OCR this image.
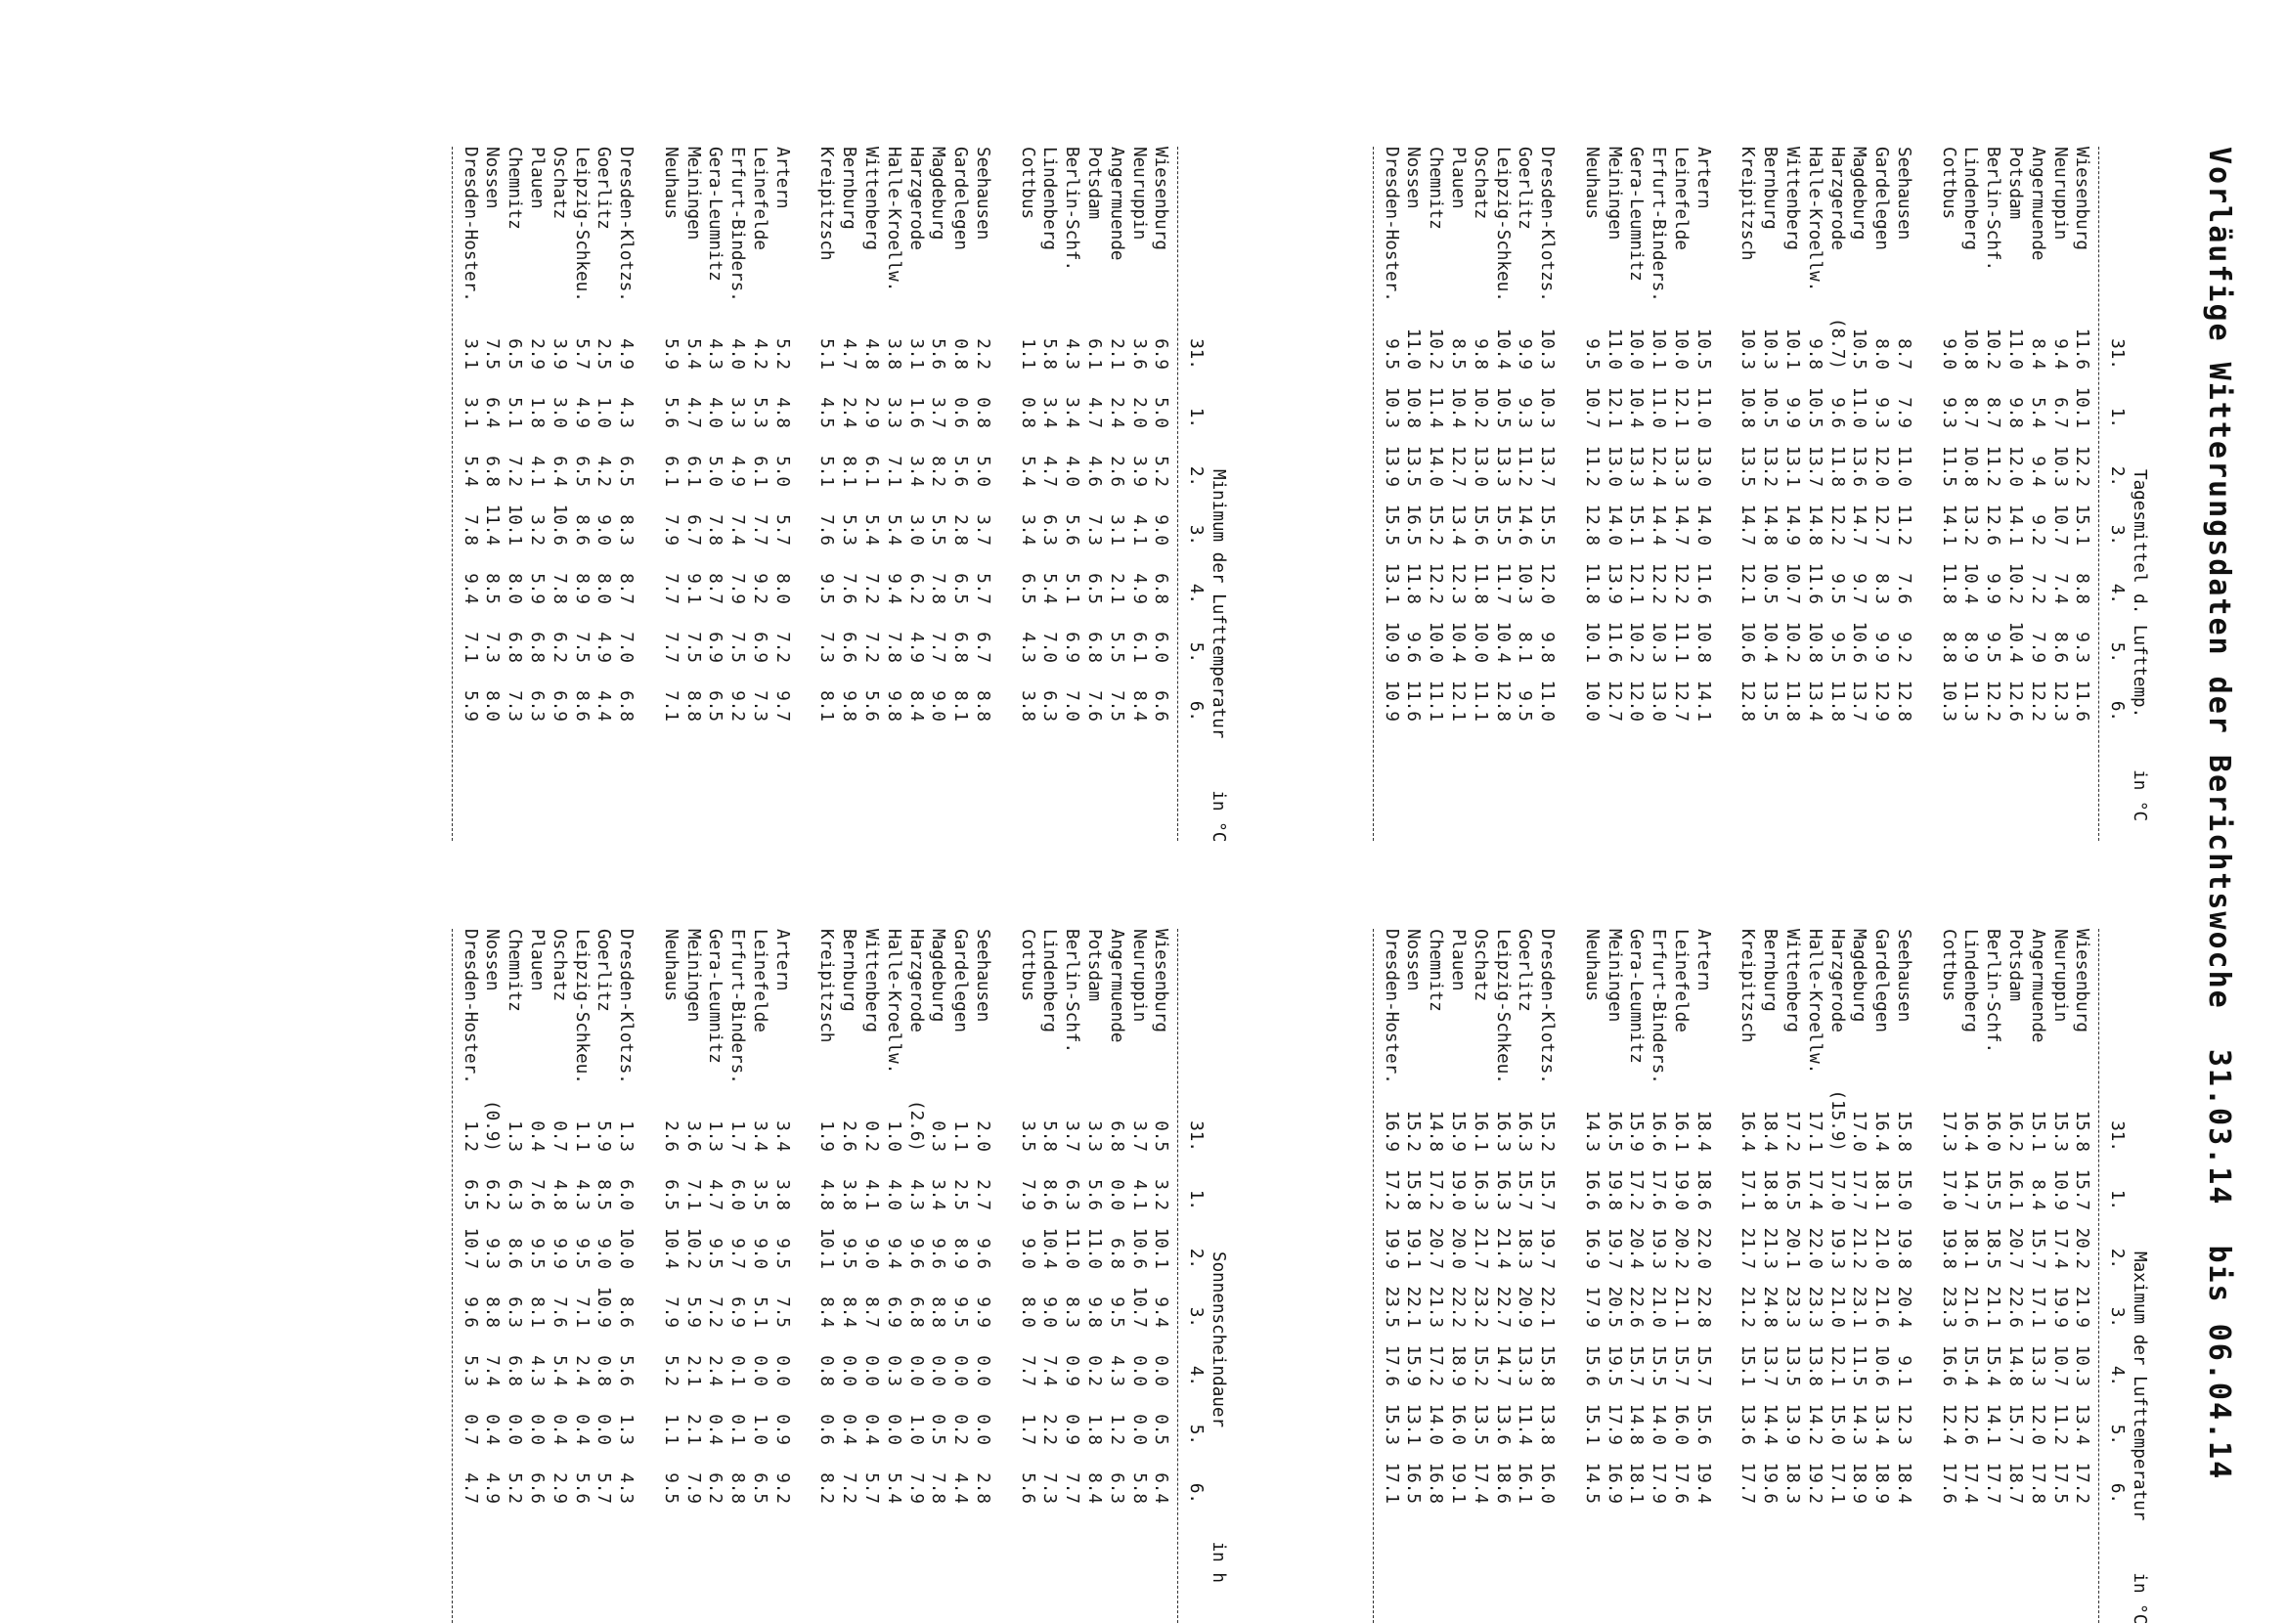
Vorläufige Witterungsdaten der Berichtswoche  31.03.14  bis 06.04.14
Tagesmittel d. Lufttemp.     in °C
31.
1.
2.
3.
4.
5.
6.
Wiesenburg
11.6
10.1
12.2
15.1
8.8
9.3
11.6
Neuruppin
9.4
6.7
10.3
10.7
7.4
8.6
12.3
Angermuende
8.4
5.4
9.4
9.2
7.2
7.9
12.2
Potsdam
11.0
9.8
12.0
14.1
10.2
10.4
12.6
Berlin-Schf.
10.2
8.7
11.2
12.6
9.9
9.5
12.2
Lindenberg
10.8
8.7
10.8
13.2
10.4
8.9
11.3
Cottbus
9.0
9.3
11.5
14.1
11.8
8.8
10.3
Seehausen
8.7
7.9
11.0
11.2
7.6
9.2
12.8
Gardelegen
8.0
9.3
12.0
12.7
8.3
9.9
12.9
Magdeburg
10.5
11.0
13.6
14.7
9.7
10.6
13.7
Harzgerode
(8.7)
9.6
11.8
12.2
9.5
9.5
11.8
Halle-Kroellw.
9.8
10.5
13.7
14.8
11.6
10.8
13.4
Wittenberg
10.1
9.9
13.1
14.9
10.7
10.2
11.8
Bernburg
10.3
10.5
13.2
14.8
10.5
10.4
13.5
Kreipitzsch
10.3
10.8
13.5
14.7
12.1
10.6
12.8
Artern
10.5
11.0
13.0
14.0
11.6
10.8
14.1
Leinefelde
10.0
12.1
13.3
14.7
12.2
11.1
12.7
Erfurt-Binders.
10.1
11.0
12.4
14.4
12.2
10.3
13.0
Gera-Leumnitz
10.0
10.4
13.3
15.1
12.1
10.2
12.0
Meiningen
11.0
12.1
13.0
14.0
13.9
11.6
12.7
Neuhaus
9.5
10.7
11.2
12.8
11.8
10.1
10.0
Dresden-Klotzs.
10.3
10.3
13.7
15.5
12.0
9.8
11.0
Goerlitz
9.9
9.3
11.2
14.6
10.3
8.1
9.5
Leipzig-Schkeu.
10.4
10.5
13.3
15.5
11.7
10.4
12.8
Oschatz
9.8
10.2
13.0
15.6
11.8
10.0
11.1
Plauen
8.5
10.4
12.7
13.4
12.3
10.4
12.1
Chemnitz
10.2
11.4
14.0
15.2
12.2
10.0
11.1
Nossen
11.0
10.8
13.5
16.5
11.8
9.6
11.6
Dresden-Hoster.
9.5
10.3
13.9
15.5
13.1
10.9
10.9
Maximum der Lufttemperatur     in °C
31.
1.
2.
3.
4.
5.
6.
Wiesenburg
15.8
15.7
20.2
21.9
10.3
13.4
17.2
Neuruppin
15.3
10.9
17.4
19.9
10.7
11.2
17.5
Angermuende
15.1
8.4
15.7
17.1
13.3
12.0
17.8
Potsdam
16.2
16.1
20.7
22.6
14.8
15.7
18.7
Berlin-Schf.
16.0
15.5
18.5
21.1
15.4
14.1
17.7
Lindenberg
16.4
14.7
18.1
21.6
15.4
12.6
17.4
Cottbus
17.3
17.0
19.8
23.3
16.6
12.4
17.6
Seehausen
15.8
15.0
19.8
20.4
9.1
12.3
18.4
Gardelegen
16.4
18.1
21.0
21.6
10.6
13.4
18.9
Magdeburg
17.0
17.7
21.2
23.1
11.5
14.3
18.9
Harzgerode
(15.9)
17.0
19.3
21.0
12.1
15.0
17.1
Halle-Kroellw.
17.1
17.4
22.0
23.3
13.8
14.2
19.2
Wittenberg
17.2
16.5
20.1
23.3
13.5
13.9
18.3
Bernburg
18.4
18.8
21.3
24.8
13.7
14.4
19.6
Kreipitzsch
16.4
17.1
21.7
21.2
15.1
13.6
17.7
Artern
18.4
18.6
22.0
22.8
15.7
15.6
19.4
Leinefelde
16.1
19.0
20.2
21.1
15.7
16.0
17.6
Erfurt-Binders.
16.6
17.6
19.3
21.0
15.5
14.0
17.9
Gera-Leumnitz
15.9
17.2
20.4
22.6
15.7
14.8
18.1
Meiningen
16.5
19.8
19.7
20.5
19.5
17.9
16.9
Neuhaus
14.3
16.6
16.9
17.9
15.6
15.1
14.5
Dresden-Klotzs.
15.2
15.7
19.7
22.1
15.8
13.8
16.0
Goerlitz
16.3
15.7
18.3
20.9
13.3
11.4
16.1
Leipzig-Schkeu.
16.3
16.3
21.4
22.7
14.7
13.6
18.6
Oschatz
16.1
16.3
21.7
23.2
15.2
13.5
17.4
Plauen
15.9
19.0
20.0
22.2
18.9
16.0
19.1
Chemnitz
14.8
17.2
20.7
21.3
17.2
14.0
16.8
Nossen
15.2
15.8
19.1
22.1
15.9
13.1
16.5
Dresden-Hoster.
16.9
17.2
19.9
23.5
17.6
15.3
17.1
Minimum der Lufttemperatur     in °C
31.
1.
2.
3.
4.
5.
6.
Wiesenburg
6.9
5.0
5.2
9.0
6.8
6.0
6.6
Neuruppin
3.6
2.0
3.9
4.1
4.9
6.1
8.4
Angermuende
2.1
2.4
2.6
3.1
2.1
5.5
7.5
Potsdam
6.1
4.7
4.6
7.3
6.5
6.8
7.6
Berlin-Schf.
4.3
3.4
4.0
5.6
5.1
6.9
7.0
Lindenberg
5.8
3.4
4.7
6.3
5.4
7.0
6.3
Cottbus
1.1
0.8
5.4
3.4
6.5
4.3
3.8
Seehausen
2.2
0.8
5.0
3.7
5.7
6.7
8.8
Gardelegen
0.8
0.6
5.6
2.8
6.5
6.8
8.1
Magdeburg
5.6
3.7
8.2
5.5
7.8
7.7
9.0
Harzgerode
3.1
1.6
3.4
3.0
6.2
4.9
8.4
Halle-Kroellw.
3.8
3.3
7.1
5.4
9.4
7.8
9.8
Wittenberg
4.8
2.9
6.1
5.4
7.2
7.2
5.6
Bernburg
4.7
2.4
8.1
5.3
7.6
6.6
9.8
Kreipitzsch
5.1
4.5
5.1
7.6
9.5
7.3
8.1
Artern
5.2
4.8
5.0
5.7
8.0
7.2
9.7
Leinefelde
4.2
5.3
6.1
7.7
9.2
6.9
7.3
Erfurt-Binders.
4.0
3.3
4.9
7.4
7.9
7.5
9.2
Gera-Leumnitz
4.3
4.0
5.0
7.8
8.7
6.9
6.5
Meiningen
5.4
4.7
6.1
6.7
9.1
7.5
8.8
Neuhaus
5.9
5.6
6.1
7.9
7.7
7.7
7.1
Dresden-Klotzs.
4.9
4.3
6.5
8.3
8.7
7.0
6.8
Goerlitz
2.5
1.0
4.2
9.0
8.0
4.9
4.4
Leipzig-Schkeu.
5.7
4.9
6.5
8.6
8.9
7.5
8.6
Oschatz
3.9
3.0
6.4
10.6
7.8
6.2
6.9
Plauen
2.9
1.8
4.1
3.2
5.9
6.8
6.3
Chemnitz
6.5
5.1
7.2
10.1
8.0
6.8
7.3
Nossen
7.5
6.4
6.8
11.4
8.5
7.3
8.0
Dresden-Hoster.
3.1
3.1
5.4
7.8
9.4
7.1
5.9
Sonnenscheindauer           in h
31.
1.
2.
3.
4.
5.
6.
Wiesenburg
0.5
3.2
10.1
9.4
0.0
0.5
6.4
Neuruppin
3.7
4.1
10.6
10.7
0.0
0.0
5.8
Angermuende
6.8
0.0
6.8
9.5
4.3
1.2
6.3
Potsdam
3.3
5.6
11.0
9.8
0.2
1.8
8.4
Berlin-Schf.
3.7
6.3
11.0
8.3
0.9
0.9
7.7
Lindenberg
5.8
8.6
10.4
9.0
7.4
2.2
7.3
Cottbus
3.5
7.9
9.0
8.0
7.7
1.7
5.6
Seehausen
2.0
2.7
9.6
9.9
0.0
0.0
2.8
Gardelegen
1.1
2.5
8.9
9.5
0.0
0.2
4.4
Magdeburg
0.3
3.4
9.6
8.8
0.0
0.5
7.8
Harzgerode
(2.6)
4.3
9.6
6.8
0.0
1.0
7.9
Halle-Kroellw.
1.0
4.0
9.4
6.9
0.3
0.0
5.4
Wittenberg
0.2
4.1
9.0
8.7
0.0
0.4
5.7
Bernburg
2.6
3.8
9.5
8.4
0.0
0.4
7.2
Kreipitzsch
1.9
4.8
10.1
8.4
0.8
0.6
8.2
Artern
3.4
3.8
9.5
7.5
0.0
0.9
9.2
Leinefelde
3.4
3.5
9.0
5.1
0.0
1.0
6.5
Erfurt-Binders.
1.7
6.0
9.7
6.9
0.1
0.1
8.8
Gera-Leumnitz
1.3
4.7
9.5
7.2
2.4
0.4
6.2
Meiningen
3.6
7.1
10.2
5.9
2.1
2.1
7.9
Neuhaus
2.6
6.5
10.4
7.9
5.2
1.1
9.5
Dresden-Klotzs.
1.3
6.0
10.0
8.6
5.6
1.3
4.3
Goerlitz
5.9
8.5
9.0
10.9
0.8
0.0
5.7
Leipzig-Schkeu.
1.1
4.3
9.5
7.1
2.4
0.4
5.6
Oschatz
0.7
4.8
9.9
7.6
5.4
0.4
2.9
Plauen
0.4
7.6
9.5
8.1
4.3
0.0
6.6
Chemnitz
1.3
6.3
8.6
6.3
6.8
0.0
5.2
Nossen
(0.9)
6.2
9.3
8.8
7.4
0.4
4.9
Dresden-Hoster.
1.2
6.5
10.7
9.6
5.3
0.7
4.7
